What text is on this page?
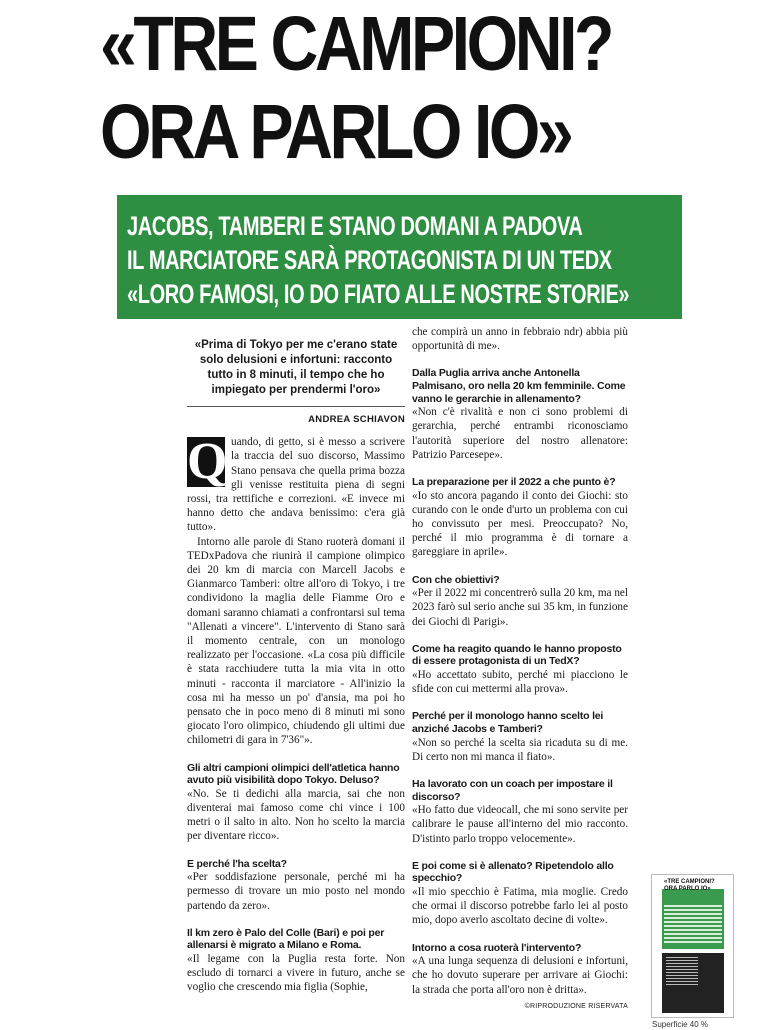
«TRE CAMPIONI?
ORA PARLO IO»
JACOBS, TAMBERI E STANO DOMANI A PADOVA
IL MARCIATORE SARÀ PROTAGONISTA DI UN TEDX
«LORO FAMOSI, IO DO FIATO ALLE NOSTRE STORIE»
«Prima di Tokyo per me c'erano state solo delusioni e infortuni: racconto tutto in 8 minuti, il tempo che ho impiegato per prendermi l'oro»
ANDREA SCHIAVON
Q uando, di getto, si è messo a scrivere la traccia del suo discorso, Massimo Stano pensava che quella prima bozza gli venisse restituita piena di segni rossi, tra rettifiche e correzioni. «E invece mi hanno detto che andava benissimo: c'era già tutto».

Intorno alle parole di Stano ruoterà domani il TEDxPadova che riunirà il campione olimpico dei 20 km di marcia con Marcell Jacobs e Gianmarco Tamberi: oltre all'oro di Tokyo, i tre condividono la maglia delle Fiamme Oro e domani saranno chiamati a confrontarsi sul tema "Allenati a vincere". L'intervento di Stano sarà il momento centrale, con un monologo realizzato per l'occasione. «La cosa più difficile è stata racchiudere tutta la mia vita in otto minuti - racconta il marciatore - All'inizio la cosa mi ha messo un po' d'ansia, ma poi ho pensato che in poco meno di 8 minuti mi sono giocato l'oro olimpico, chiudendo gli ultimi due chilometri di gara in 7'36"».

Gli altri campioni olimpici dell'atletica hanno avuto più visibilità dopo Tokyo. Deluso?

«No. Se ti dedichi alla marcia, sai che non diventerai mai famoso come chi vince i 100 metri o il salto in alto. Non ho scelto la marcia per diventare ricco».

E perché l'ha scelta?

«Per soddisfazione personale, perché mi ha permesso di trovare un mio posto nel mondo partendo da zero».

Il km zero è Palo del Colle (Bari) e poi per allenarsi è migrato a Milano e Roma.

«Il legame con la Puglia resta forte. Non escludo di tornarci a vivere in futuro, anche se voglio che crescendo mia figlia (Sophie,

che compirà un anno in febbraio ndr) abbia più opportunità di me».

Dalla Puglia arriva anche Antonella Palmisano, oro nella 20 km femminile. Come vanno le gerarchie in allenamento?

«Non c'è rivalità e non ci sono problemi di gerarchia, perché entrambi riconosciamo l'autorità superiore del nostro allenatore: Patrizio Parcesepe».

La preparazione per il 2022 a che punto è?

«Io sto ancora pagando il conto dei Giochi: sto curando con le onde d'urto un problema con cui ho convissuto per mesi. Preoccupato? No, perché il mio programma è di tornare a gareggiare in aprile».

Con che obiettivi?

«Per il 2022 mi concentrerò sulla 20 km, ma nel 2023 farò sul serio anche sui 35 km, in funzione dei Giochi di Parigi».

Come ha reagito quando le hanno proposto di essere protagonista di un TedX?

«Ho accettato subito, perché mi piacciono le sfide con cui mettermi alla prova».

Perché per il monologo hanno scelto lei anziché Jacobs e Tamberi?

«Non so perché la scelta sia ricaduta su di me. Di certo non mi manca il fiato».

Ha lavorato con un coach per impostare il discorso?

«Ho fatto due videocall, che mi sono servite per calibrare le pause all'interno del mio racconto. D'istinto parlo troppo velocemente».

E poi come si è allenato? Ripetendolo allo specchio?

«Il mio specchio è Fatima, mia moglie. Credo che ormai il discorso potrebbe farlo lei al posto mio, dopo averlo ascoltato decine di volte».

Intorno a cosa ruoterà l'intervento?

«A una lunga sequenza di delusioni e infortuni, che ho dovuto superare per arrivare ai Giochi: la strada che porta all'oro non è dritta».

©RIPRODUZIONE RISERVATA
«TRE CAMPIONI? ORA PARLO IO»
Superficie 40 %
